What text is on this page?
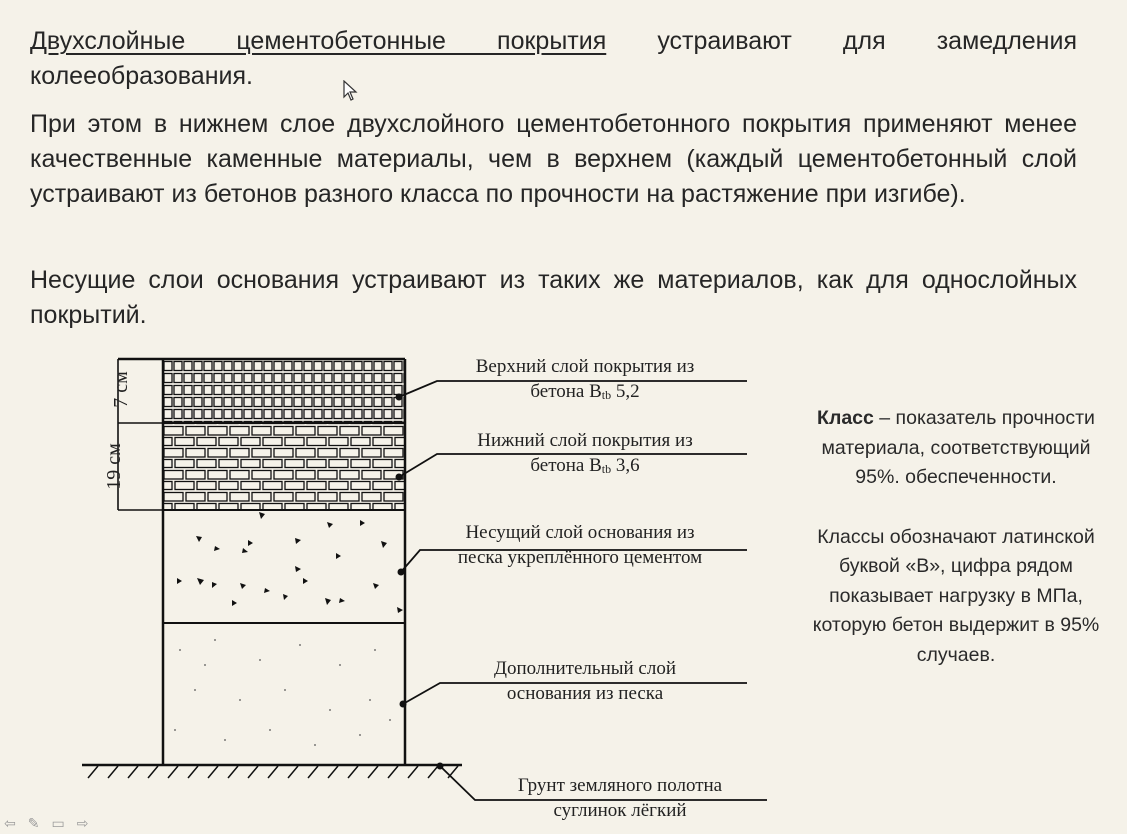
Двухслойные цементобетонные покрытия устраивают для замедления колееобразования.
При этом в нижнем слое двухслойного цементобетонного покрытия применяют менее качественные каменные материалы, чем в верхнем (каждый цементобетонный слой устраивают из бетонов разного класса по прочности на растяжение при изгибе).
Несущие слои основания устраивают из таких же материалов, как для однослойных покрытий.
7 см
19 см
Верхний слой покрытия из
бетона $B_{tb}$ 5,2
Нижний слой покрытия из
бетона $B_{tb}$ 3,6
Несущий слой основания из
песка укреплённого цементом
Дополнительный слой
основания из песка
Грунт земляного полотна
суглинок лёгкий

Класс – показатель прочности материала, соответствующий 95%. обеспеченности.

Классы обозначают латинской буквой «В», цифра рядом показывает нагрузку в МПа, которую бетон выдержит в 95% случаев.

⇦ ✎ ▭ ⇨
